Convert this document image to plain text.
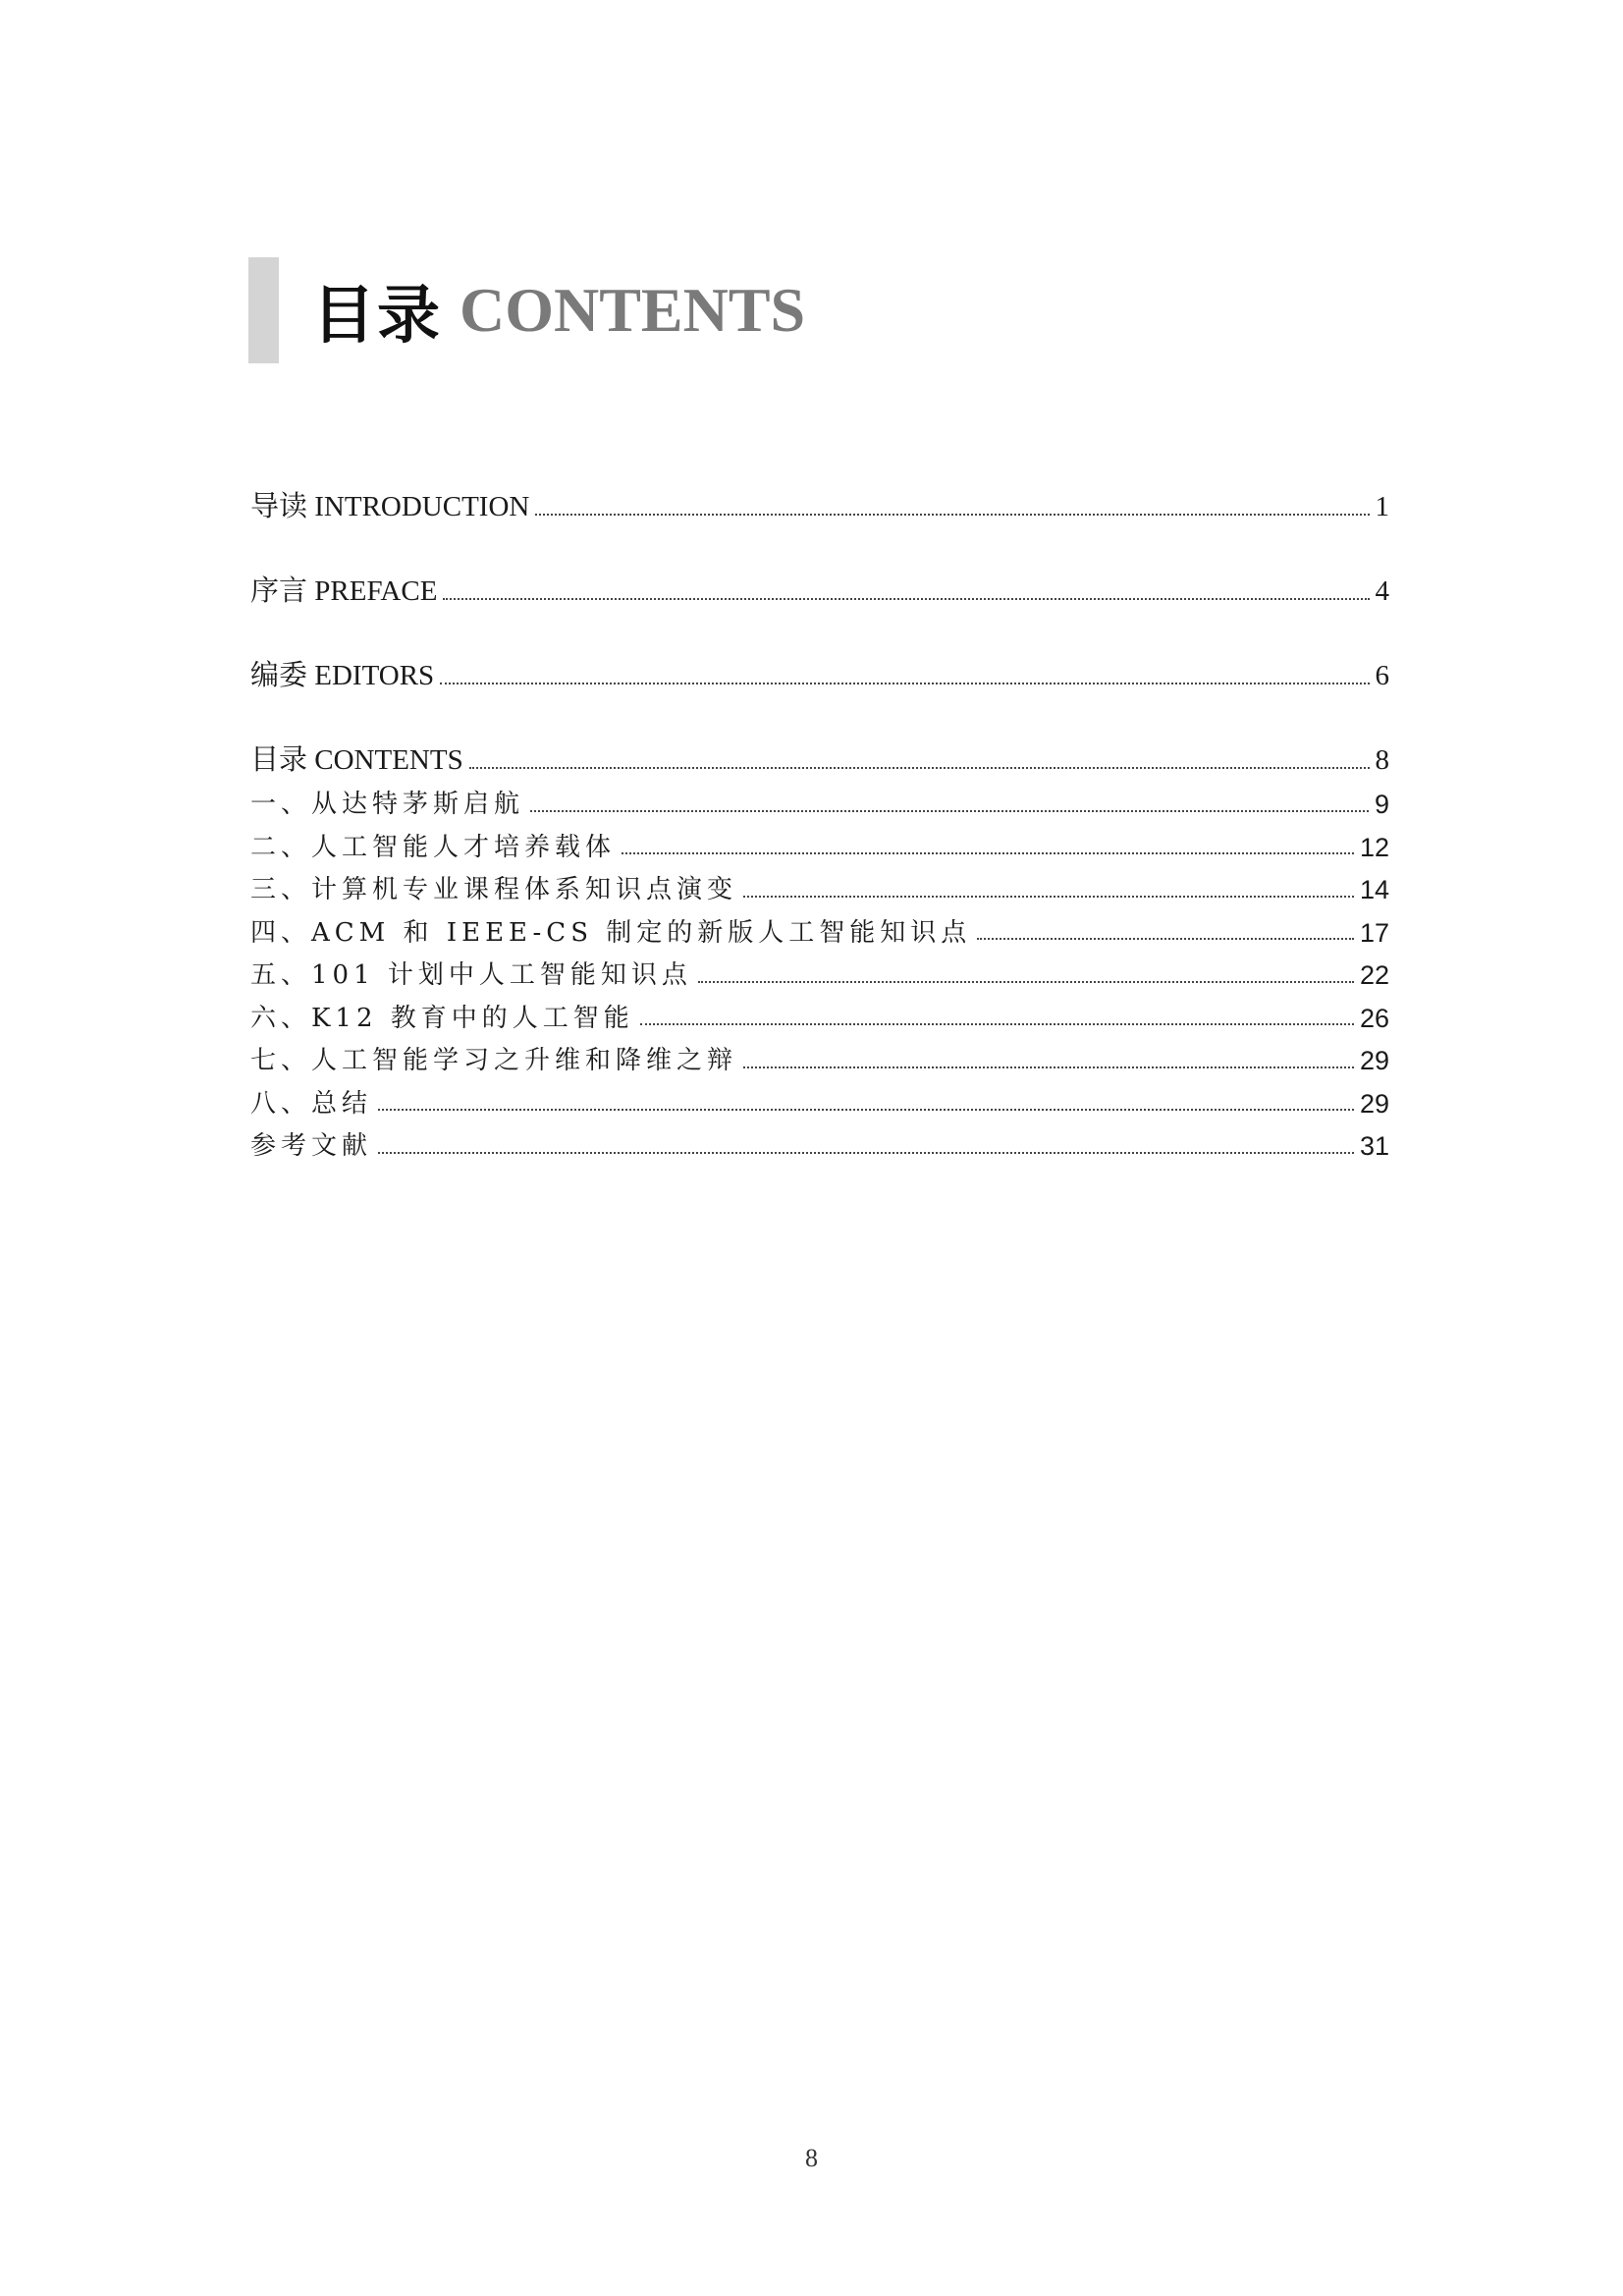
目录 CONTENTS
导读 INTRODUCTION	1
序言 PREFACE	4
编委 EDITORS	6
目录 CONTENTS	8
一、从达特茅斯启航	9
二、人工智能人才培养载体	12
三、计算机专业课程体系知识点演变	14
四、ACM 和 IEEE-CS 制定的新版人工智能知识点	17
五、101 计划中人工智能知识点	22
六、K12 教育中的人工智能	26
七、人工智能学习之升维和降维之辩	29
八、总结	29
参考文献	31
8
